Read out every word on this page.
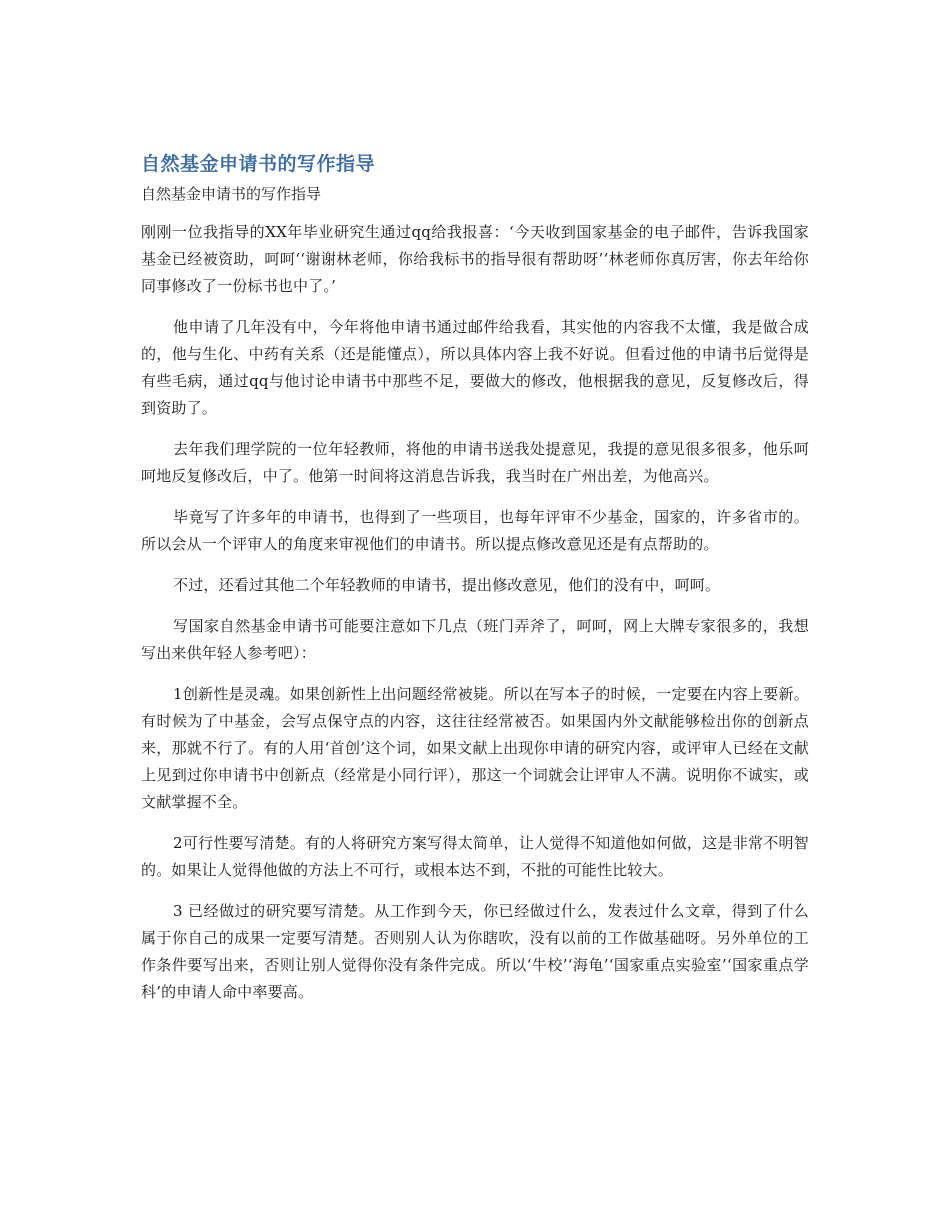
自然基金申请书的写作指导
自然基金申请书的写作指导

刚刚一位我指导的XX年毕业研究生通过qq给我报喜：‘今天收到国家基金的电子邮件，告诉我国家基金已经被资助，呵呵‘‘谢谢林老师，你给我标书的指导很有帮助呀’‘林老师你真厉害，你去年给你同事修改了一份标书也中了。’

他申请了几年没有中，今年将他申请书通过邮件给我看，其实他的内容我不太懂，我是做合成的，他与生化、中药有关系（还是能懂点），所以具体内容上我不好说。但看过他的申请书后觉得是有些毛病，通过qq与他讨论申请书中那些不足，要做大的修改，他根据我的意见，反复修改后，得到资助了。

去年我们理学院的一位年轻教师，将他的申请书送我处提意见，我提的意见很多很多，他乐呵呵地反复修改后，中了。他第一时间将这消息告诉我，我当时在广州出差，为他高兴。

毕竟写了许多年的申请书，也得到了一些项目，也每年评审不少基金，国家的，许多省市的。所以会从一个评审人的角度来审视他们的申请书。所以提点修改意见还是有点帮助的。

不过，还看过其他二个年轻教师的申请书，提出修改意见，他们的没有中，呵呵。

写国家自然基金申请书可能要注意如下几点（班门弄斧了，呵呵，网上大牌专家很多的，我想写出来供年轻人参考吧）：

1创新性是灵魂。如果创新性上出问题经常被毙。所以在写本子的时候，一定要在内容上要新。有时候为了中基金，会写点保守点的内容，这往往经常被否。如果国内外文献能够检出你的创新点来，那就不行了。有的人用‘首创’这个词，如果文献上出现你申请的研究内容，或评审人已经在文献上见到过你申请书中创新点（经常是小同行评），那这一个词就会让评审人不满。说明你不诚实，或文献掌握不全。

2可行性要写清楚。有的人将研究方案写得太简单，让人觉得不知道他如何做，这是非常不明智的。如果让人觉得他做的方法上不可行，或根本达不到，不批的可能性比较大。

3 已经做过的研究要写清楚。从工作到今天，你已经做过什么，发表过什么文章，得到了什么属于你自己的成果一定要写清楚。否则别人认为你瞎吹，没有以前的工作做基础呀。另外单位的工作条件要写出来，否则让别人觉得你没有条件完成。所以‘牛校’‘海龟’‘国家重点实验室’‘国家重点学科’的申请人命中率要高。
